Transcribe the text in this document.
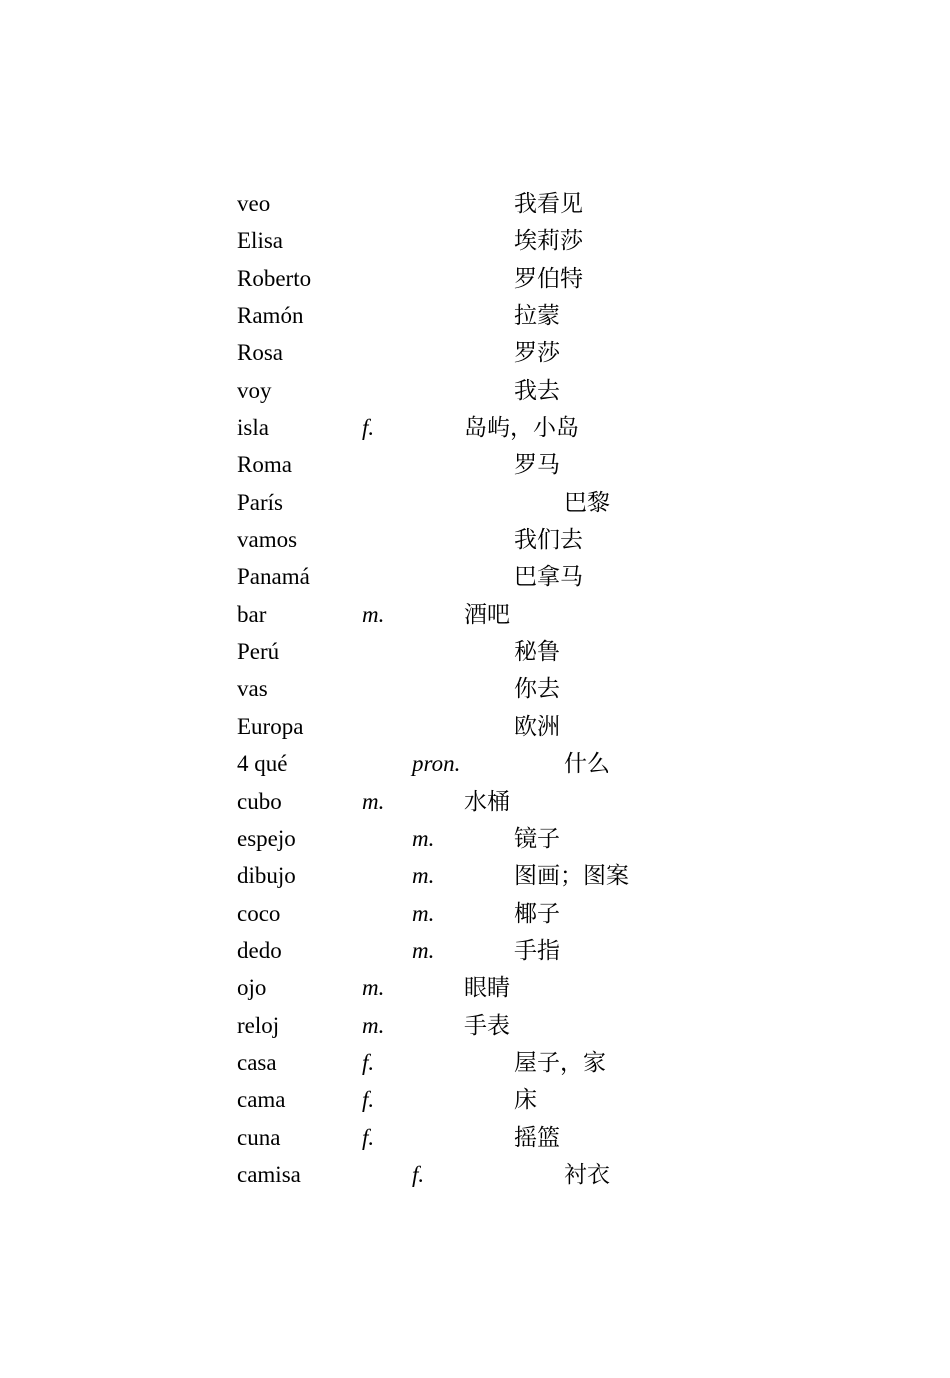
veo	我看见
Elisa	埃莉莎
Roberto	罗伯特
Ramón	拉蒙
Rosa	罗莎
voy	我去
isla	f.	岛屿，小岛
Roma	罗马
París	巴黎
vamos	我们去
Panamá	巴拿马
bar	m.	酒吧
Perú	秘鲁
vas	你去
Europa	欧洲
4 qué	pron.	什么
cubo	m.	水桶
espejo	m.	镜子
dibujo	m.	图画；图案
coco	m.	椰子
dedo	m.	手指
ojo	m.	眼睛
reloj	m.	手表
casa	f.	屋子，家
cama	f.	床
cuna	f.	摇篮
camisa	f.	衬衣
